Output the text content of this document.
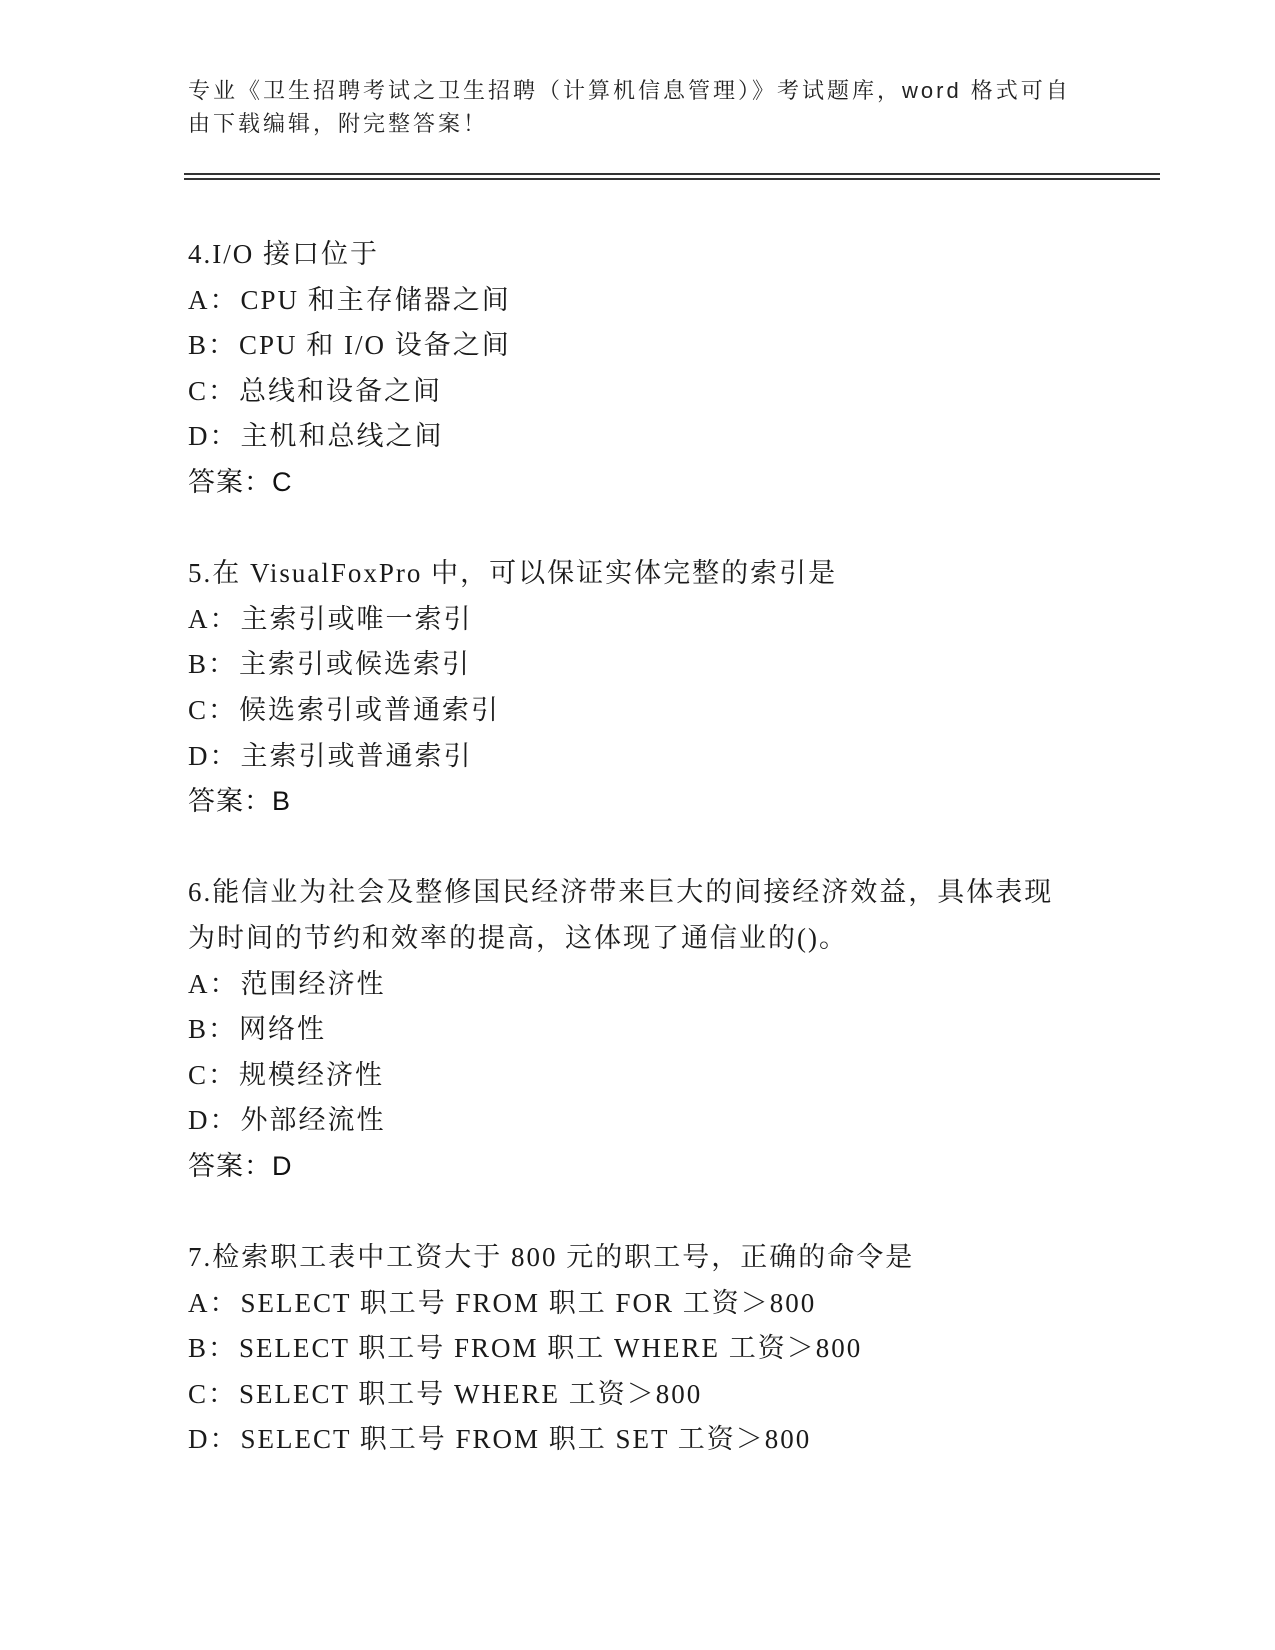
专业《卫生招聘考试之卫生招聘（计算机信息管理）》考试题库，word 格式可自由下载编辑，附完整答案！
4.I/O 接口位于
A：CPU 和主存储器之间
B：CPU 和 I/O 设备之间
C：总线和设备之间
D：主机和总线之间
答案：C
5.在 VisualFoxPro 中，可以保证实体完整的索引是
A：主索引或唯一索引
B：主索引或候选索引
C：候选索引或普通索引
D：主索引或普通索引
答案：B
6.能信业为社会及整修国民经济带来巨大的间接经济效益，具体表现为时间的节约和效率的提高，这体现了通信业的()。
A：范围经济性
B：网络性
C：规模经济性
D：外部经流性
答案：D
7.检索职工表中工资大于 800 元的职工号，正确的命令是
A：SELECT 职工号 FROM 职工 FOR 工资＞800
B：SELECT 职工号 FROM 职工 WHERE 工资＞800
C：SELECT 职工号 WHERE 工资＞800
D：SELECT 职工号 FROM 职工 SET 工资＞800
